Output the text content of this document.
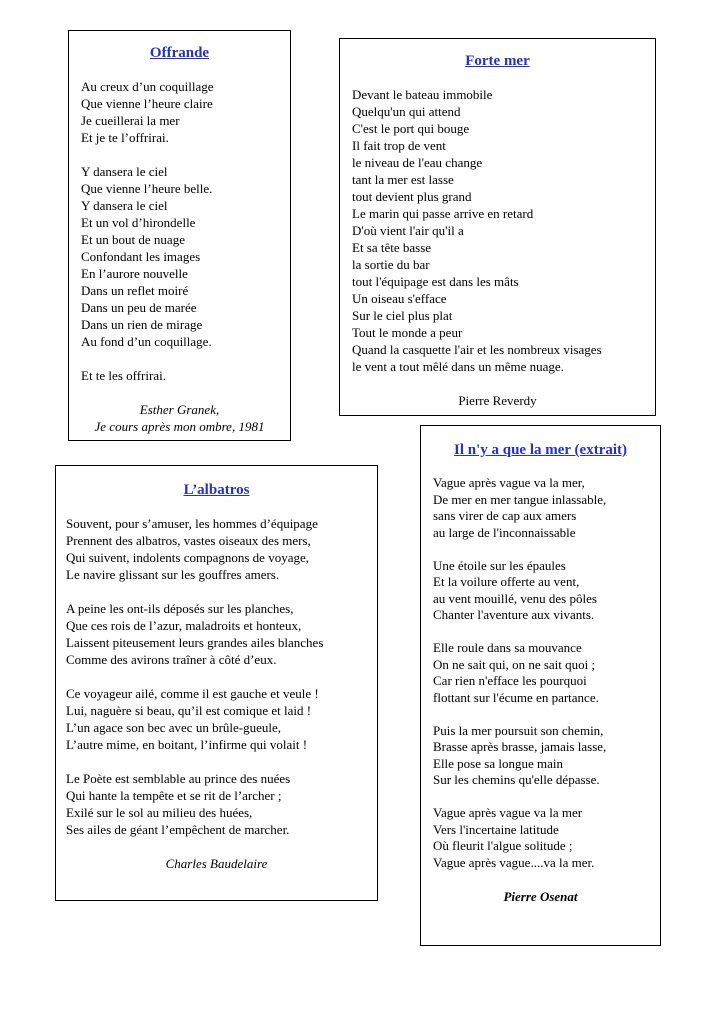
Offrande
Au creux d’un coquillage
Que vienne l’heure claire
Je cueillerai la mer
Et je te l’offrirai.
Y dansera le ciel
Que vienne l’heure belle.
Y dansera le ciel
Et un vol d’hirondelle
Et un bout de nuage
Confondant les images
En l’aurore nouvelle
Dans un reflet moiré
Dans un peu de marée
Dans un rien de mirage
Au fond d’un coquillage.
Et te les offrirai.
Esther Granek,
Je cours après mon ombre, 1981
Forte mer
Devant le bateau immobile
Quelqu'un qui attend
C'est le port qui bouge
Il fait trop de vent
le niveau de l'eau change
tant la mer est lasse
tout devient plus grand
Le marin qui passe arrive en retard
D'où vient l'air qu'il a
Et sa tête basse
la sortie du bar
tout l'équipage est dans les mâts
Un oiseau s'efface
Sur le ciel plus plat
Tout le monde a peur
Quand la casquette l'air et les nombreux visages
le vent a tout mêlé dans un même nuage.
Pierre Reverdy
L’albatros
Souvent, pour s’amuser, les hommes d’équipage
Prennent des albatros, vastes oiseaux des mers,
Qui suivent, indolents compagnons de voyage,
Le navire glissant sur les gouffres amers.
A peine les ont-ils déposés sur les planches,
Que ces rois de l’azur, maladroits et honteux,
Laissent piteusement leurs grandes ailes blanches
Comme des avirons traîner à côté d’eux.
Ce voyageur ailé, comme il est gauche et veule !
Lui, naguère si beau, qu’il est comique et laid !
L’un agace son bec avec un brûle-gueule,
L’autre mime, en boitant, l’infirme qui volait !
Le Poète est semblable au prince des nuées
Qui hante la tempête et se rit de l’archer ;
Exilé sur le sol au milieu des huées,
Ses ailes de géant l’empêchent de marcher.
Charles Baudelaire
Il n'y a que la mer (extrait)
Vague après vague va la mer,
De mer en mer tangue inlassable,
sans virer de cap aux amers
au large de l'inconnaissable
Une étoile sur les épaules
Et la voilure offerte au vent,
au vent mouillé, venu des pôles
Chanter l'aventure aux vivants.
Elle roule dans sa mouvance
On ne sait qui, on ne sait quoi ;
Car rien n'efface les pourquoi
flottant sur l'écume en partance.
Puis la mer poursuit son chemin,
Brasse après brasse, jamais lasse,
Elle pose sa longue main
Sur les chemins qu'elle dépasse.
Vague après vague va la mer
Vers l'incertaine latitude
Où fleurit l'algue solitude ;
Vague après vague....va la mer.
Pierre Osenat
